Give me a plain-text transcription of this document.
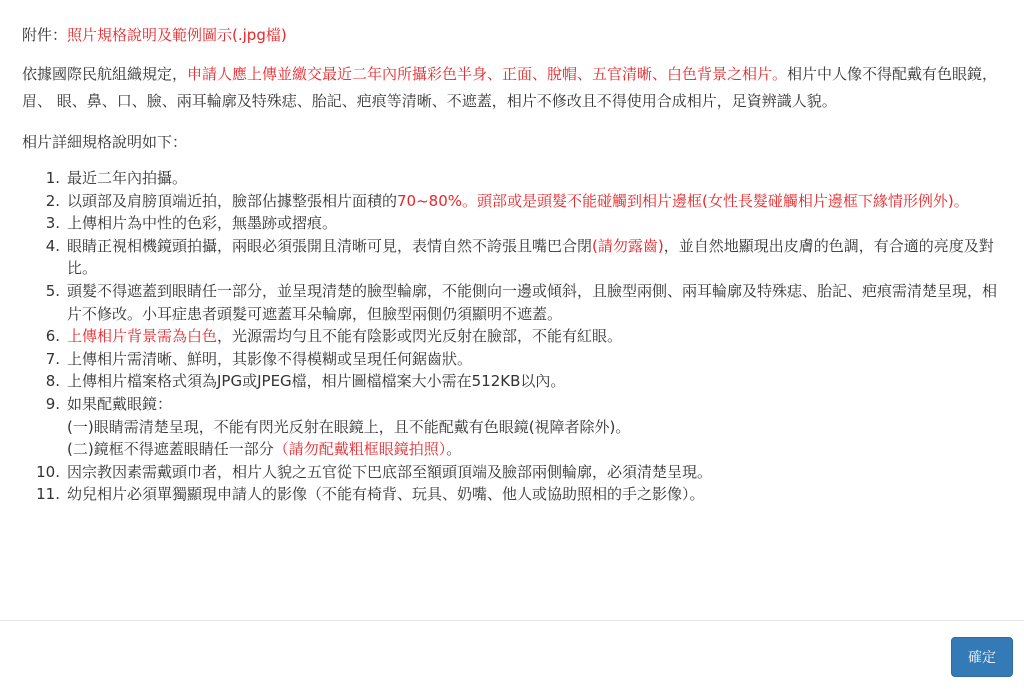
附件：照片規格說明及範例圖示(.jpg檔)

依據國際民航組織規定，申請人應上傳並繳交最近二年內所攝彩色半身、正面、脫帽、五官清晰、白色背景之相片。相片中人像不得配戴有色眼鏡，眉、 眼、鼻、口、臉、兩耳輪廓及特殊痣、胎記、疤痕等清晰、不遮蓋，相片不修改且不得使用合成相片，足資辨識人貌。

相片詳細規格說明如下：

1. 最近二年內拍攝。
2. 以頭部及肩膀頂端近拍，臉部佔據整張相片面積的70~80%。頭部或是頭髮不能碰觸到相片邊框(女性長髮碰觸相片邊框下緣情形例外)。
3. 上傳相片為中性的色彩，無墨跡或摺痕。
4. 眼睛正視相機鏡頭拍攝，兩眼必須張開且清晰可見，表情自然不誇張且嘴巴合閉(請勿露齒)，並自然地顯現出皮膚的色調，有合適的亮度及對比。
5. 頭髮不得遮蓋到眼睛任一部分，並呈現清楚的臉型輪廓，不能側向一邊或傾斜，且臉型兩側、兩耳輪廓及特殊痣、胎記、疤痕需清楚呈現，相片不修改。小耳症患者頭髮可遮蓋耳朵輪廓，但臉型兩側仍須顯明不遮蓋。
6. 上傳相片背景需為白色，光源需均勻且不能有陰影或閃光反射在臉部，不能有紅眼。
7. 上傳相片需清晰、鮮明，其影像不得模糊或呈現任何鋸齒狀。
8. 上傳相片檔案格式須為JPG或JPEG檔，相片圖檔檔案大小需在512KB以內。
9. 如果配戴眼鏡：
(一)眼睛需清楚呈現，不能有閃光反射在眼鏡上，且不能配戴有色眼鏡(視障者除外)。
(二)鏡框不得遮蓋眼睛任一部分（請勿配戴粗框眼鏡拍照）。
10. 因宗教因素需戴頭巾者，相片人貌之五官從下巴底部至額頭頂端及臉部兩側輪廓，必須清楚呈現。
11. 幼兒相片必須單獨顯現申請人的影像（不能有椅背、玩具、奶嘴、他人或協助照相的手之影像）。
確定
